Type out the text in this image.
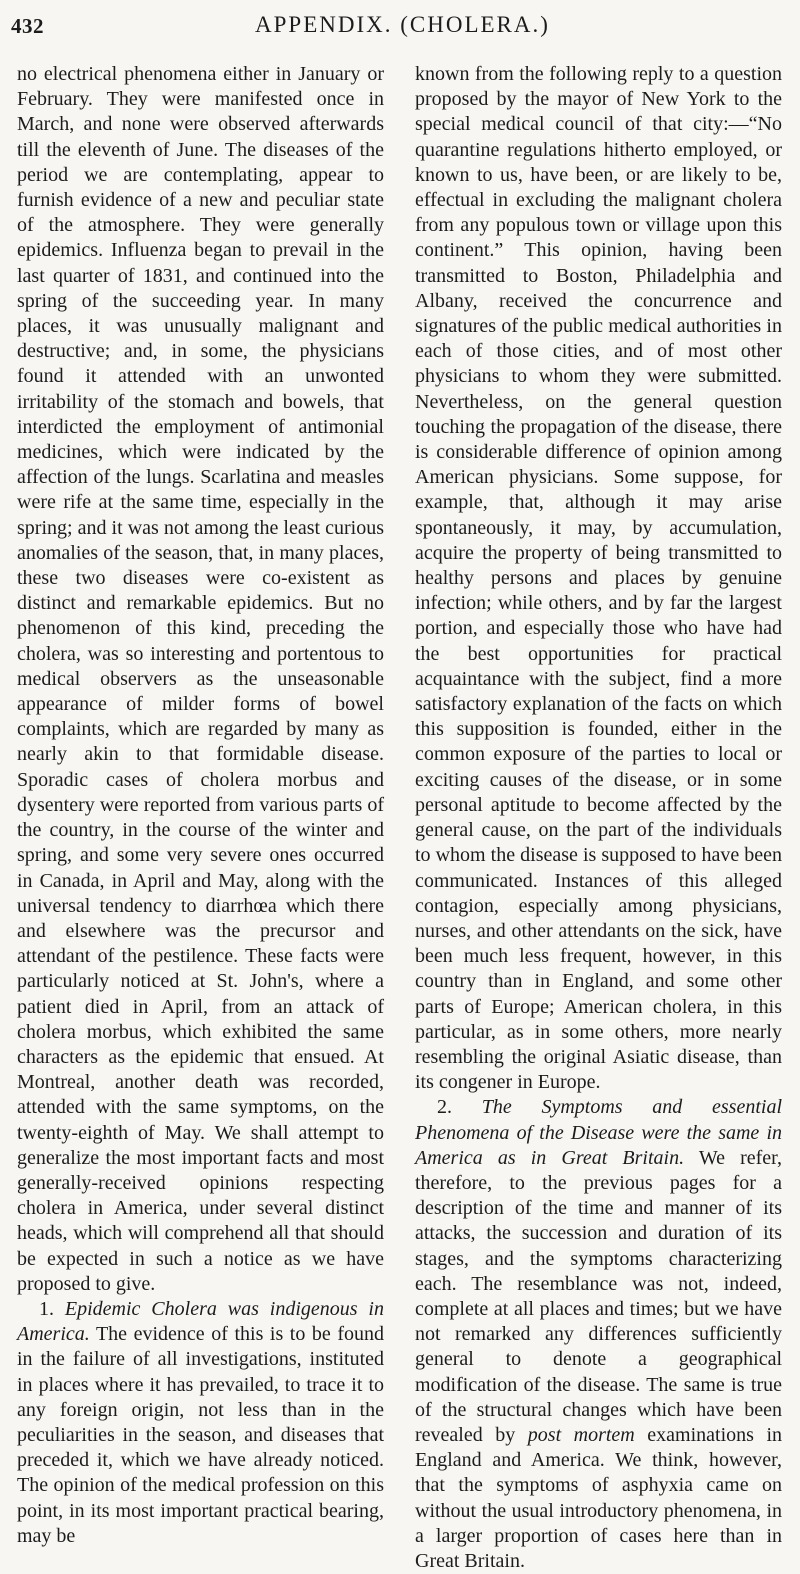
432	APPENDIX. (CHOLERA.)

no electrical phenomena either in January or February. They were manifested once in March, and none were observed afterwards till the eleventh of June. The diseases of the period we are contemplating, appear to furnish evidence of a new and peculiar state of the atmosphere. They were generally epidemics. Influenza began to prevail in the last quarter of 1831, and continued into the spring of the succeeding year. In many places, it was unusually malignant and destructive; and, in some, the physicians found it attended with an unwonted irritability of the stomach and bowels, that interdicted the employment of antimonial medicines, which were indicated by the affection of the lungs. Scarlatina and measles were rife at the same time, especially in the spring; and it was not among the least curious anomalies of the season, that, in many places, these two diseases were co-existent as distinct and remarkable epidemics. But no phenomenon of this kind, preceding the cholera, was so interesting and portentous to medical observers as the unseasonable appearance of milder forms of bowel complaints, which are regarded by many as nearly akin to that formidable disease. Sporadic cases of cholera morbus and dysentery were reported from various parts of the country, in the course of the winter and spring, and some very severe ones occurred in Canada, in April and May, along with the universal tendency to diarrhœa which there and elsewhere was the precursor and attendant of the pestilence. These facts were particularly noticed at St. John's, where a patient died in April, from an attack of cholera morbus, which exhibited the same characters as the epidemic that ensued. At Montreal, another death was recorded, attended with the same symptoms, on the twenty-eighth of May. We shall attempt to generalize the most important facts and most generally-received opinions respecting cholera in America, under several distinct heads, which will comprehend all that should be expected in such a notice as we have proposed to give.

1. Epidemic Cholera was indigenous in America. The evidence of this is to be found in the failure of all investigations, instituted in places where it has prevailed, to trace it to any foreign origin, not less than in the peculiarities in the season, and diseases that preceded it, which we have already noticed. The opinion of the medical profession on this point, in its most important practical bearing, may be

known from the following reply to a question proposed by the mayor of New York to the special medical council of that city:—“No quarantine regulations hitherto employed, or known to us, have been, or are likely to be, effectual in excluding the malignant cholera from any populous town or village upon this continent.” This opinion, having been transmitted to Boston, Philadelphia and Albany, received the concurrence and signatures of the public medical authorities in each of those cities, and of most other physicians to whom they were submitted. Nevertheless, on the general question touching the propagation of the disease, there is considerable difference of opinion among American physicians. Some suppose, for example, that, although it may arise spontaneously, it may, by accumulation, acquire the property of being transmitted to healthy persons and places by genuine infection; while others, and by far the largest portion, and especially those who have had the best opportunities for practical acquaintance with the subject, find a more satisfactory explanation of the facts on which this supposition is founded, either in the common exposure of the parties to local or exciting causes of the disease, or in some personal aptitude to become affected by the general cause, on the part of the individuals to whom the disease is supposed to have been communicated. Instances of this alleged contagion, especially among physicians, nurses, and other attendants on the sick, have been much less frequent, however, in this country than in England, and some other parts of Europe; American cholera, in this particular, as in some others, more nearly resembling the original Asiatic disease, than its congener in Europe.

2. The Symptoms and essential Phenomena of the Disease were the same in America as in Great Britain. We refer, therefore, to the previous pages for a description of the time and manner of its attacks, the succession and duration of its stages, and the symptoms characterizing each. The resemblance was not, indeed, complete at all places and times; but we have not remarked any differences sufficiently general to denote a geographical modification of the disease. The same is true of the structural changes which have been revealed by post mortem examinations in England and America. We think, however, that the symptoms of asphyxia came on without the usual introductory phenomena, in a larger proportion of cases here than in Great Britain.
